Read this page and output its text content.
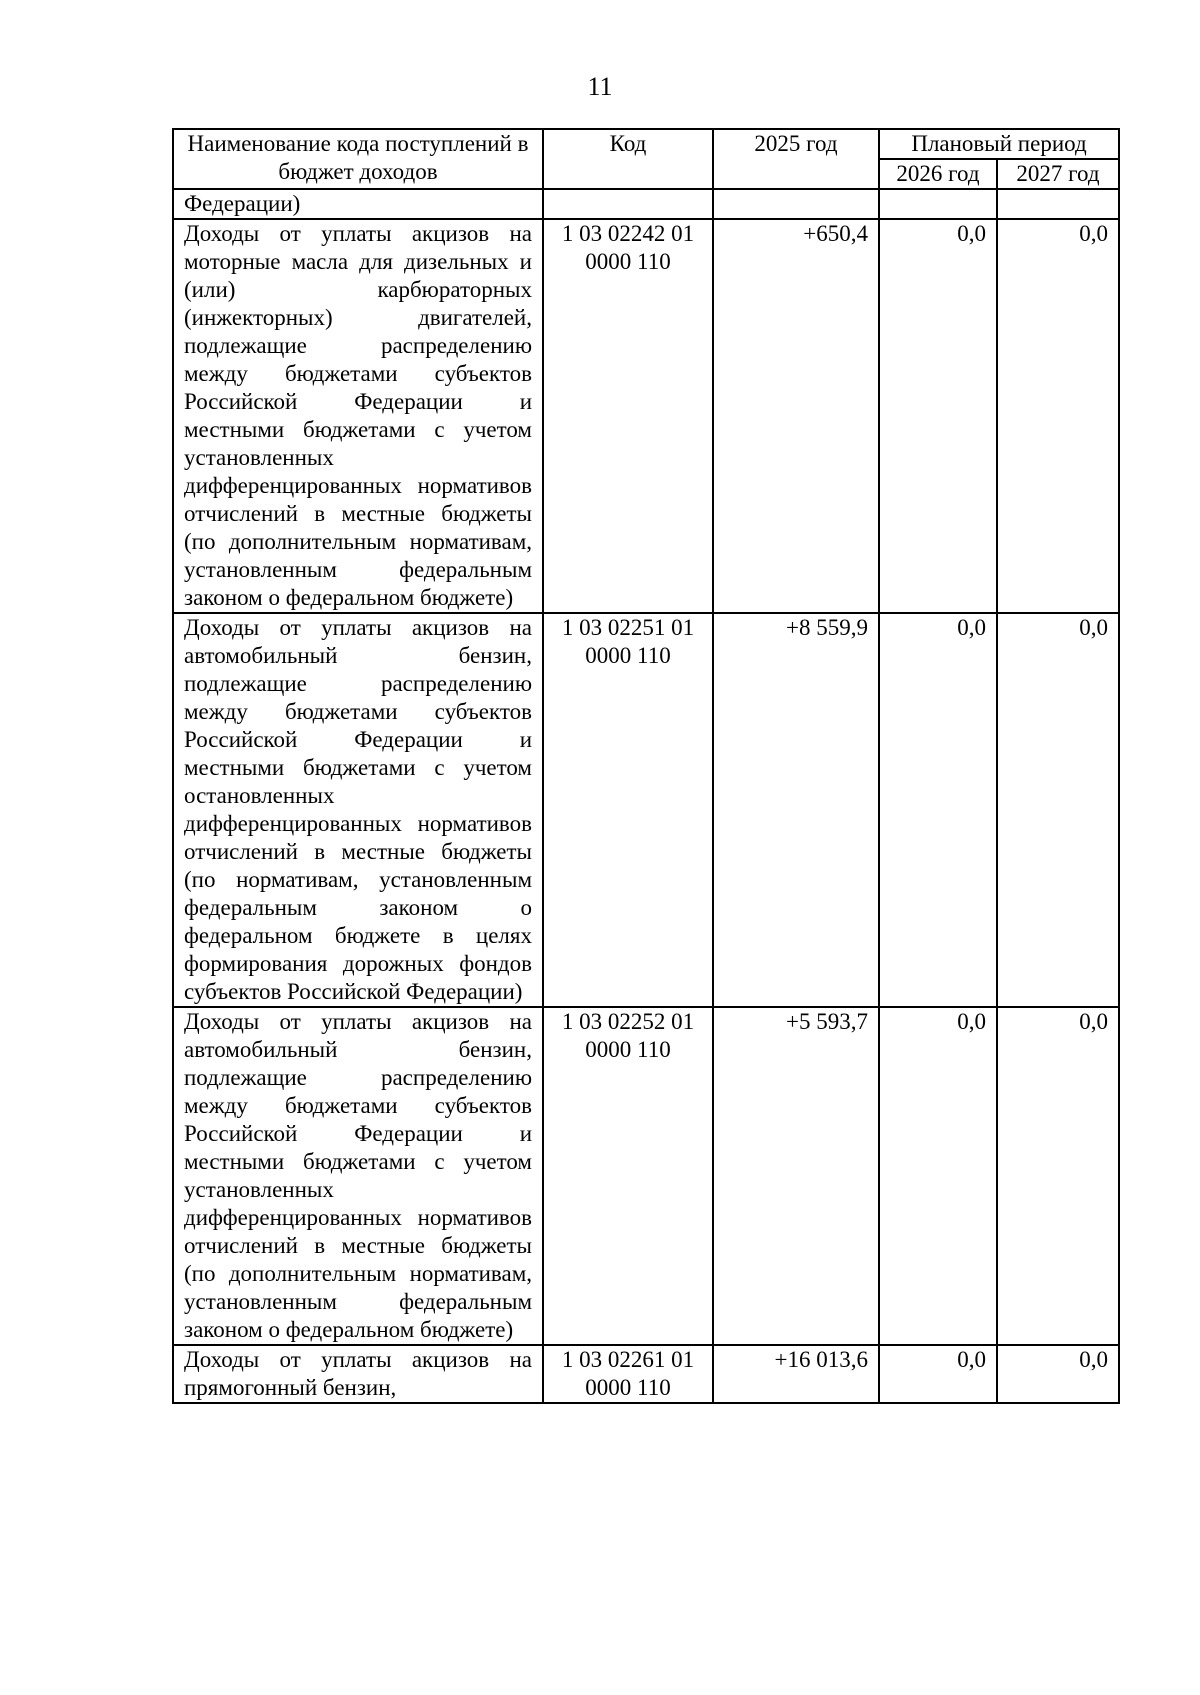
11
Наименование кода поступлений в бюджет доходов	Код	2025 год	Плановый период	
			2026 год	2027 год
Федерации)				
Доходы от уплаты акцизов на моторные масла для дизельных и (или) карбюраторных (инжекторных) двигателей, подлежащие распределению между бюджетами субъектов Российской Федерации и местными бюджетами с учетом установленных дифференцированных нормативов отчислений в местные бюджеты (по дополнительным нормативам, установленным федеральным законом о федеральном бюджете)	1 03 02242 01 0000 110	+650,4	0,0	0,0
Доходы от уплаты акцизов на автомобильный бензин, подлежащие распределению между бюджетами субъектов Российской Федерации и местными бюджетами с учетом остановленных дифференцированных нормативов отчислений в местные бюджеты (по нормативам, установленным федеральным законом о федеральном бюджете в целях формирования дорожных фондов субъектов Российской Федерации)	1 03 02251 01 0000 110	+8 559,9	0,0	0,0
Доходы от уплаты акцизов на автомобильный бензин, подлежащие распределению между бюджетами субъектов Российской Федерации и местными бюджетами с учетом установленных дифференцированных нормативов отчислений в местные бюджеты (по дополнительным нормативам, установленным федеральным законом о федеральном бюджете)	1 03 02252 01 0000 110	+5 593,7	0,0	0,0
Доходы от уплаты акцизов на прямогонный бензин,	1 03 02261 01 0000 110	+16 013,6	0,0	0,0
